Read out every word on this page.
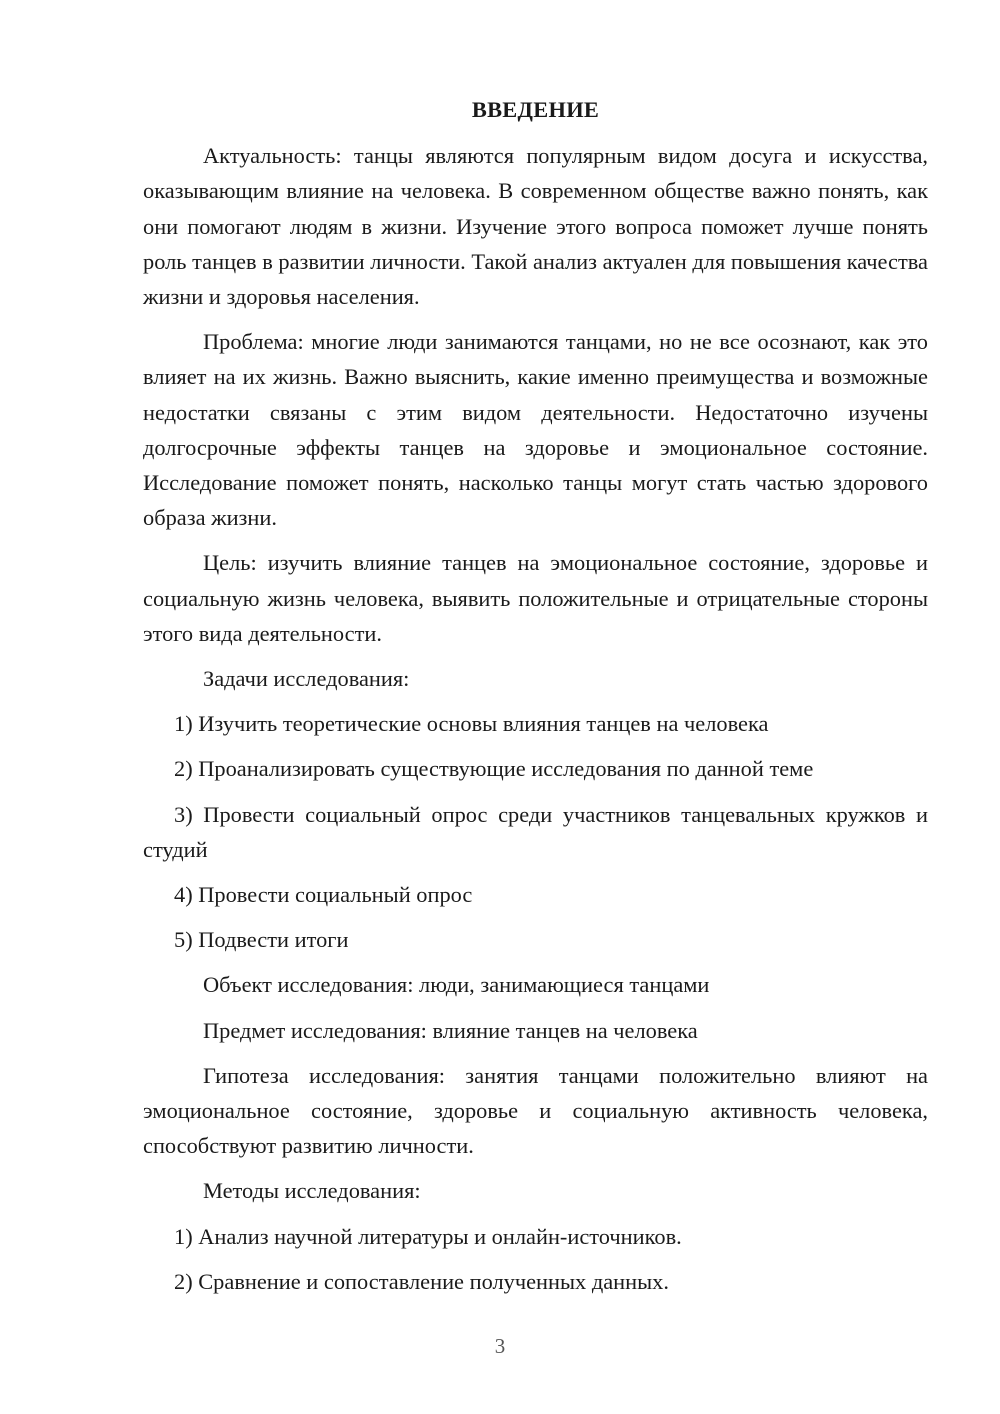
ВВЕДЕНИЕ

Актуальность: танцы являются популярным видом досуга и искусства, оказывающим влияние на человека. В современном обществе важно понять, как они помогают людям в жизни. Изучение этого вопроса поможет лучше понять роль танцев в развитии личности. Такой анализ актуален для повышения качества жизни и здоровья населения.

Проблема: многие люди занимаются танцами, но не все осознают, как это влияет на их жизнь. Важно выяснить, какие именно преимущества и возможные недостатки связаны с этим видом деятельности. Недостаточно изучены долгосрочные эффекты танцев на здоровье и эмоциональное состояние. Исследование поможет понять, насколько танцы могут стать частью здорового образа жизни.

Цель: изучить влияние танцев на эмоциональное состояние, здоровье и социальную жизнь человека, выявить положительные и отрицательные стороны этого вида деятельности.

Задачи исследования:

1) Изучить теоретические основы влияния танцев на человека

2) Проанализировать существующие исследования по данной теме

3) Провести социальный опрос среди участников танцевальных кружков и студий

4) Провести социальный опрос

5) Подвести итоги

Объект исследования: люди, занимающиеся танцами

Предмет исследования: влияние танцев на человека

Гипотеза исследования: занятия танцами положительно влияют на эмоциональное состояние, здоровье и социальную активность человека, способствуют развитию личности.

Методы исследования:

1) Анализ научной литературы и онлайн-источников.

2) Сравнение и сопоставление полученных данных.

3
